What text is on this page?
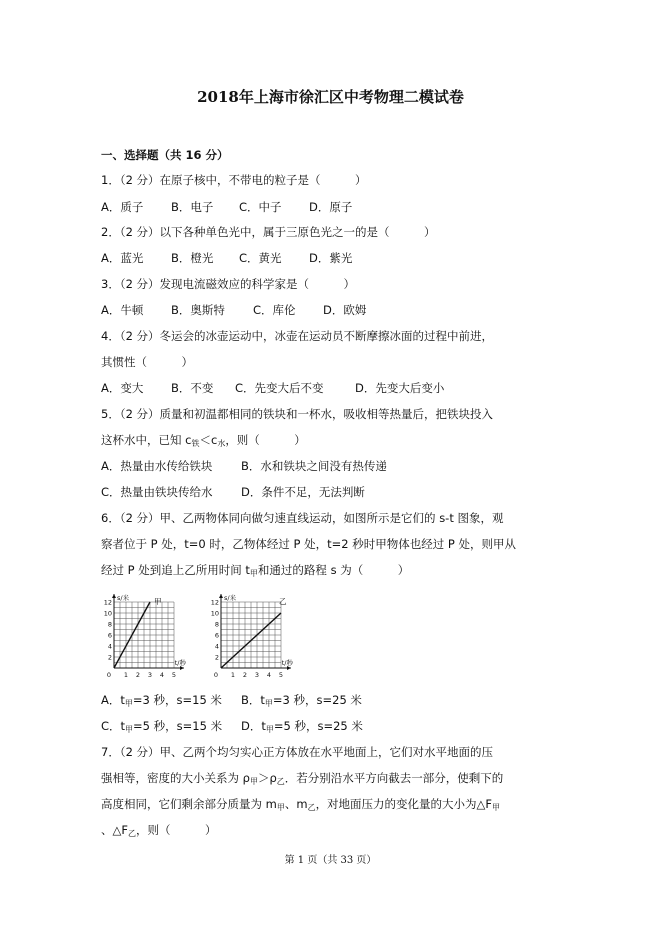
2018年上海市徐汇区中考物理二模试卷
一、选择题（共 16 分）
1．（2 分）在原子核中，不带电的粒子是（　　　）
A．质子 B．电子 C．中子 D．原子
2．（2 分）以下各种单色光中，属于三原色光之一的是（　　　）
A．蓝光 B．橙光 C．黄光 D．紫光
3．（2 分）发现电流磁效应的科学家是（　　　）
A．牛顿 B．奥斯特 C．库伦 D．欧姆
4．（2 分）冬运会的冰壶运动中，冰壶在运动员不断摩擦冰面的过程中前进，
其惯性（　　　）
A．变大 B．不变 C．先变大后不变	D．先变大后变小
5．（2 分）质量和初温都相同的铁块和一杯水，吸收相等热量后，把铁块投入
这杯水中，已知 $c_铁<c_水$，则（　　　）
A．热量由水传给铁块 B．水和铁块之间没有热传递
C．热量由铁块传给水 D．条件不足，无法判断
6．（2 分）甲、乙两物体同向做匀速直线运动，如图所示是它们的 s-t 图象，观
察者位于 P 处，t=0 时，乙物体经过 P 处，t=2 秒时甲物体也经过 P 处，则甲从
经过 P 处到追上乙所用时间 $t_甲$和通过的路程 s 为（　　　）
2
4
6
8
10
12
0 1 2 3 4 5
s/米
t/秒
甲
2
4
6
8
10
12
0 1 2 3 4 5
s/米
t/秒
乙
A．t甲=3 秒，s=15 米 B．t甲=3 秒，s=25 米
C．t甲=5 秒，s=15 米 D．t甲=5 秒，s=25 米
7．（2 分）甲、乙两个均匀实心正方体放在水平地面上，它们对水平地面的压
强相等，密度的大小关系为 $\rho_甲>\rho_乙$．若分别沿水平方向截去一部分，使剩下的
高度相同，它们剩余部分质量为 $m_甲$、$m_乙$，对地面压力的变化量的大小为$\triangle F_甲$
、$\triangle F_乙$，则（　　　）
第 1 页（共 33 页）
